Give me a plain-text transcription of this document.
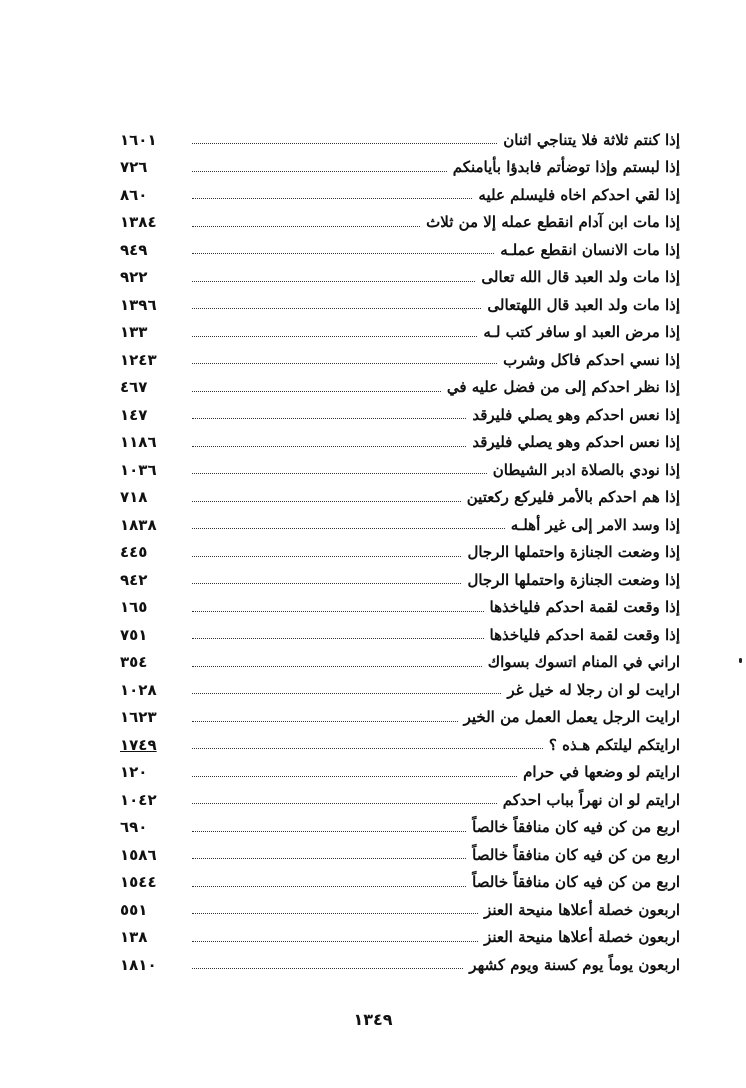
إذا كنتم ثلاثة فلا يتناجي اثنان
١٦٠١
إذا لبستم وإذا توضأتم فابدؤا بأيامنكم
٧٢٦
إذا لقي احدكم اخاه فليسلم عليه
٨٦٠
إذا مات ابن آدام انقطع عمله إلا من ثلاث
١٣٨٤
إذا مات الانسان انقطع عملـه
٩٤٩
إذا مات ولد العبد قال الله تعالى
٩٢٢
إذا مات ولد العبد قال اللهتعالى
١٣٩٦
إذا مرض العبد او سافر كتب لـه
١٣٣
إذا نسي احدكم فاكل وشرب
١٢٤٣
إذا نظر احدكم إلى من فضل عليه في
٤٦٧
إذا نعس احدكم وهو يصلي فليرقد
١٤٧
إذا نعس احدكم وهو يصلي فليرقد
١١٨٦
إذا نودي بالصلاة ادبر الشيطان
١٠٣٦
إذا هم احدكم بالأمر فليركع ركعتين
٧١٨
إذا وسد الامر إلى غير أهلـه
١٨٣٨
إذا وضعت الجنازة واحتملها الرجال
٤٤٥
إذا وضعت الجنازة واحتملها الرجال
٩٤٢
إذا وقعت لقمة احدكم فلياخذها
١٦٥
إذا وقعت لقمة احدكم فلياخذها
٧٥١
اراني في المنام اتسوك بسواك
٣٥٤
ارايت لو ان رجلا له خيل غر
١٠٢٨
ارايت الرجل يعمل العمل من الخير
١٦٢٣
ارايتكم ليلتكم هـذه ؟
١٧٤٩
ارايتم لو وضعها في حرام
١٢٠
ارايتم لو ان نهراً بباب احدكم
١٠٤٢
اربع من كن فيه كان منافقاً خالصاً
٦٩٠
اربع من كن فيه كان منافقاً خالصاً
١٥٨٦
اربع من كن فيه كان منافقاً خالصاً
١٥٤٤
اربعون خصلة أعلاها منيحة العنز
٥٥١
اربعون خصلة أعلاها منيحة العنز
١٣٨
اربعون يوماً يوم كسنة ويوم كشهر
١٨١٠
١٣٤٩
